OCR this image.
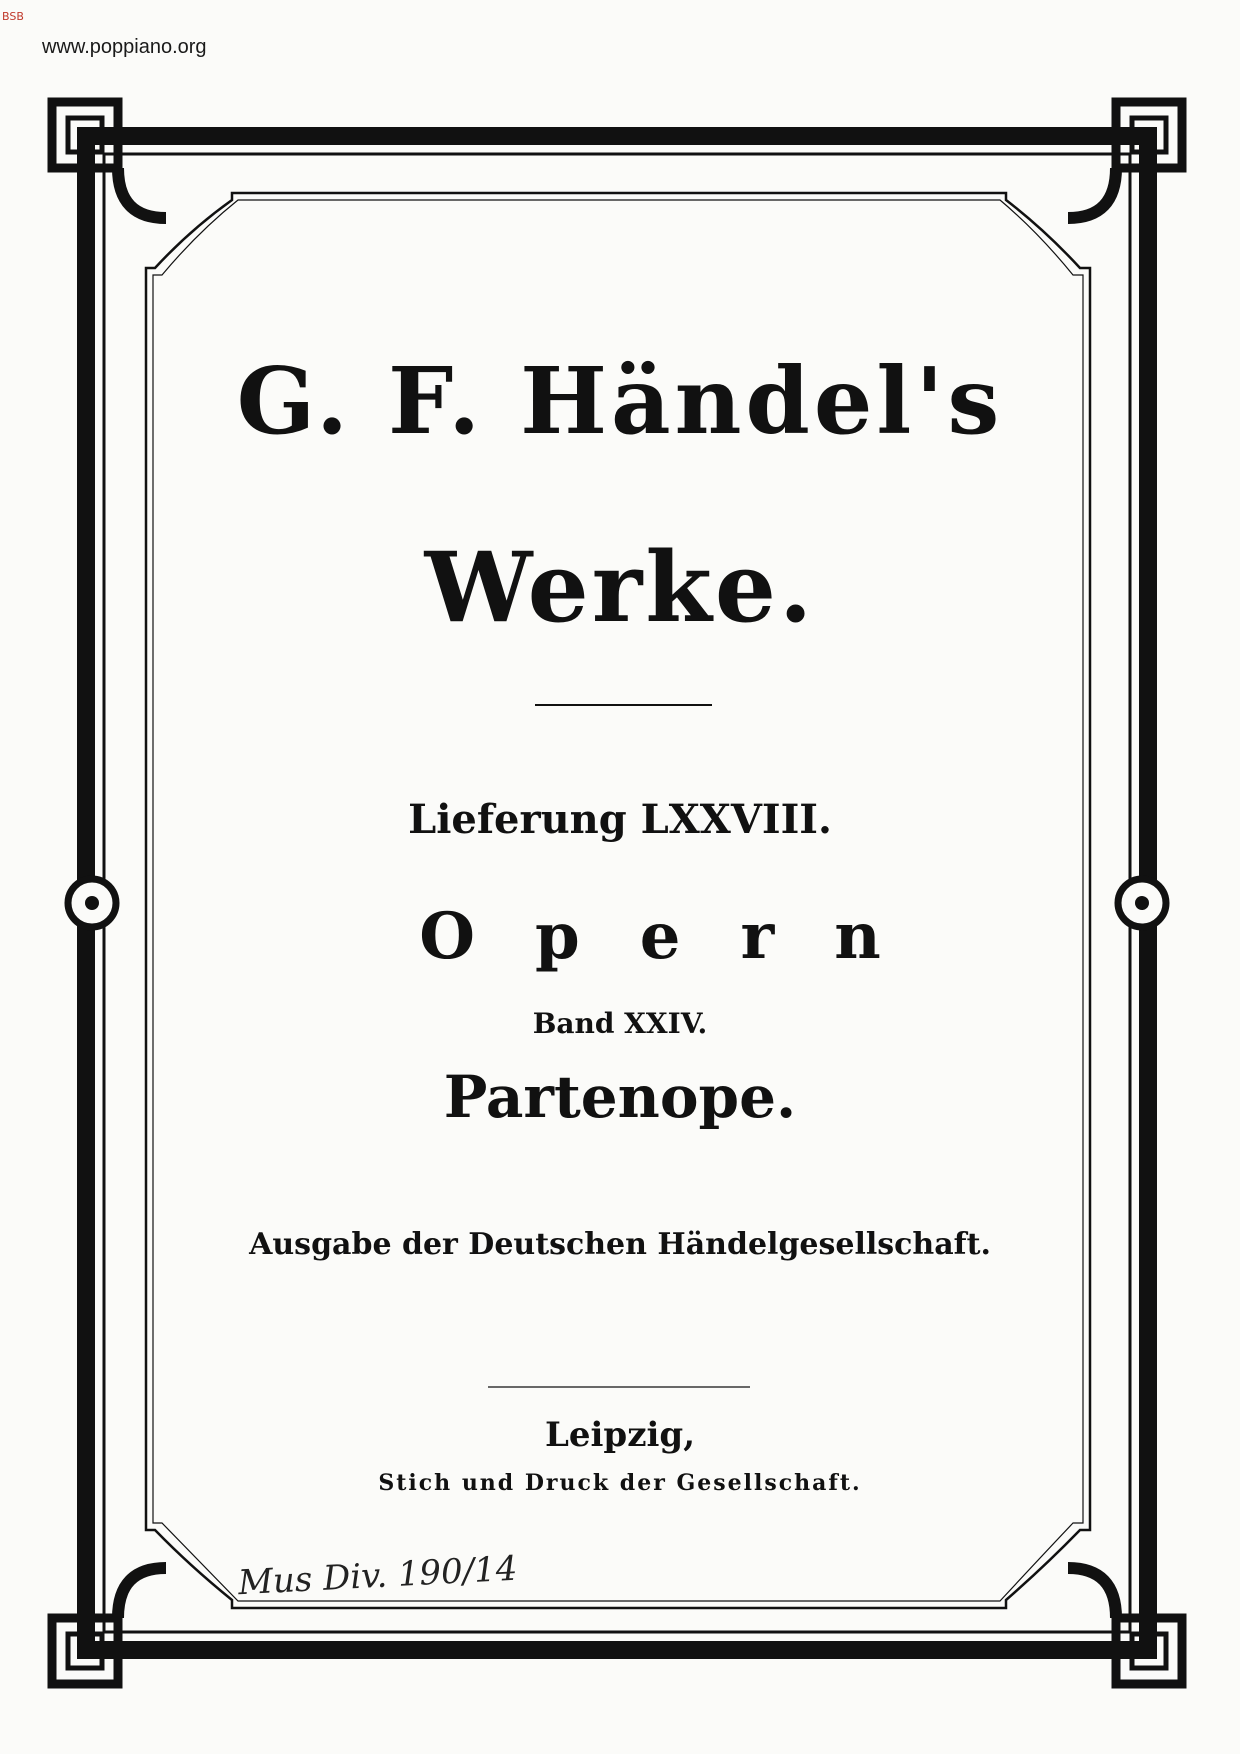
BSB
www.poppiano.org
G. F. Händel's
Werke.
Lieferung LXXVIII.
Opern
Band XXIV.
Partenope.
Ausgabe der Deutschen Händelgesellschaft.
Leipzig,
Stich und Druck der Gesellschaft.
Mus Div. 190/14
